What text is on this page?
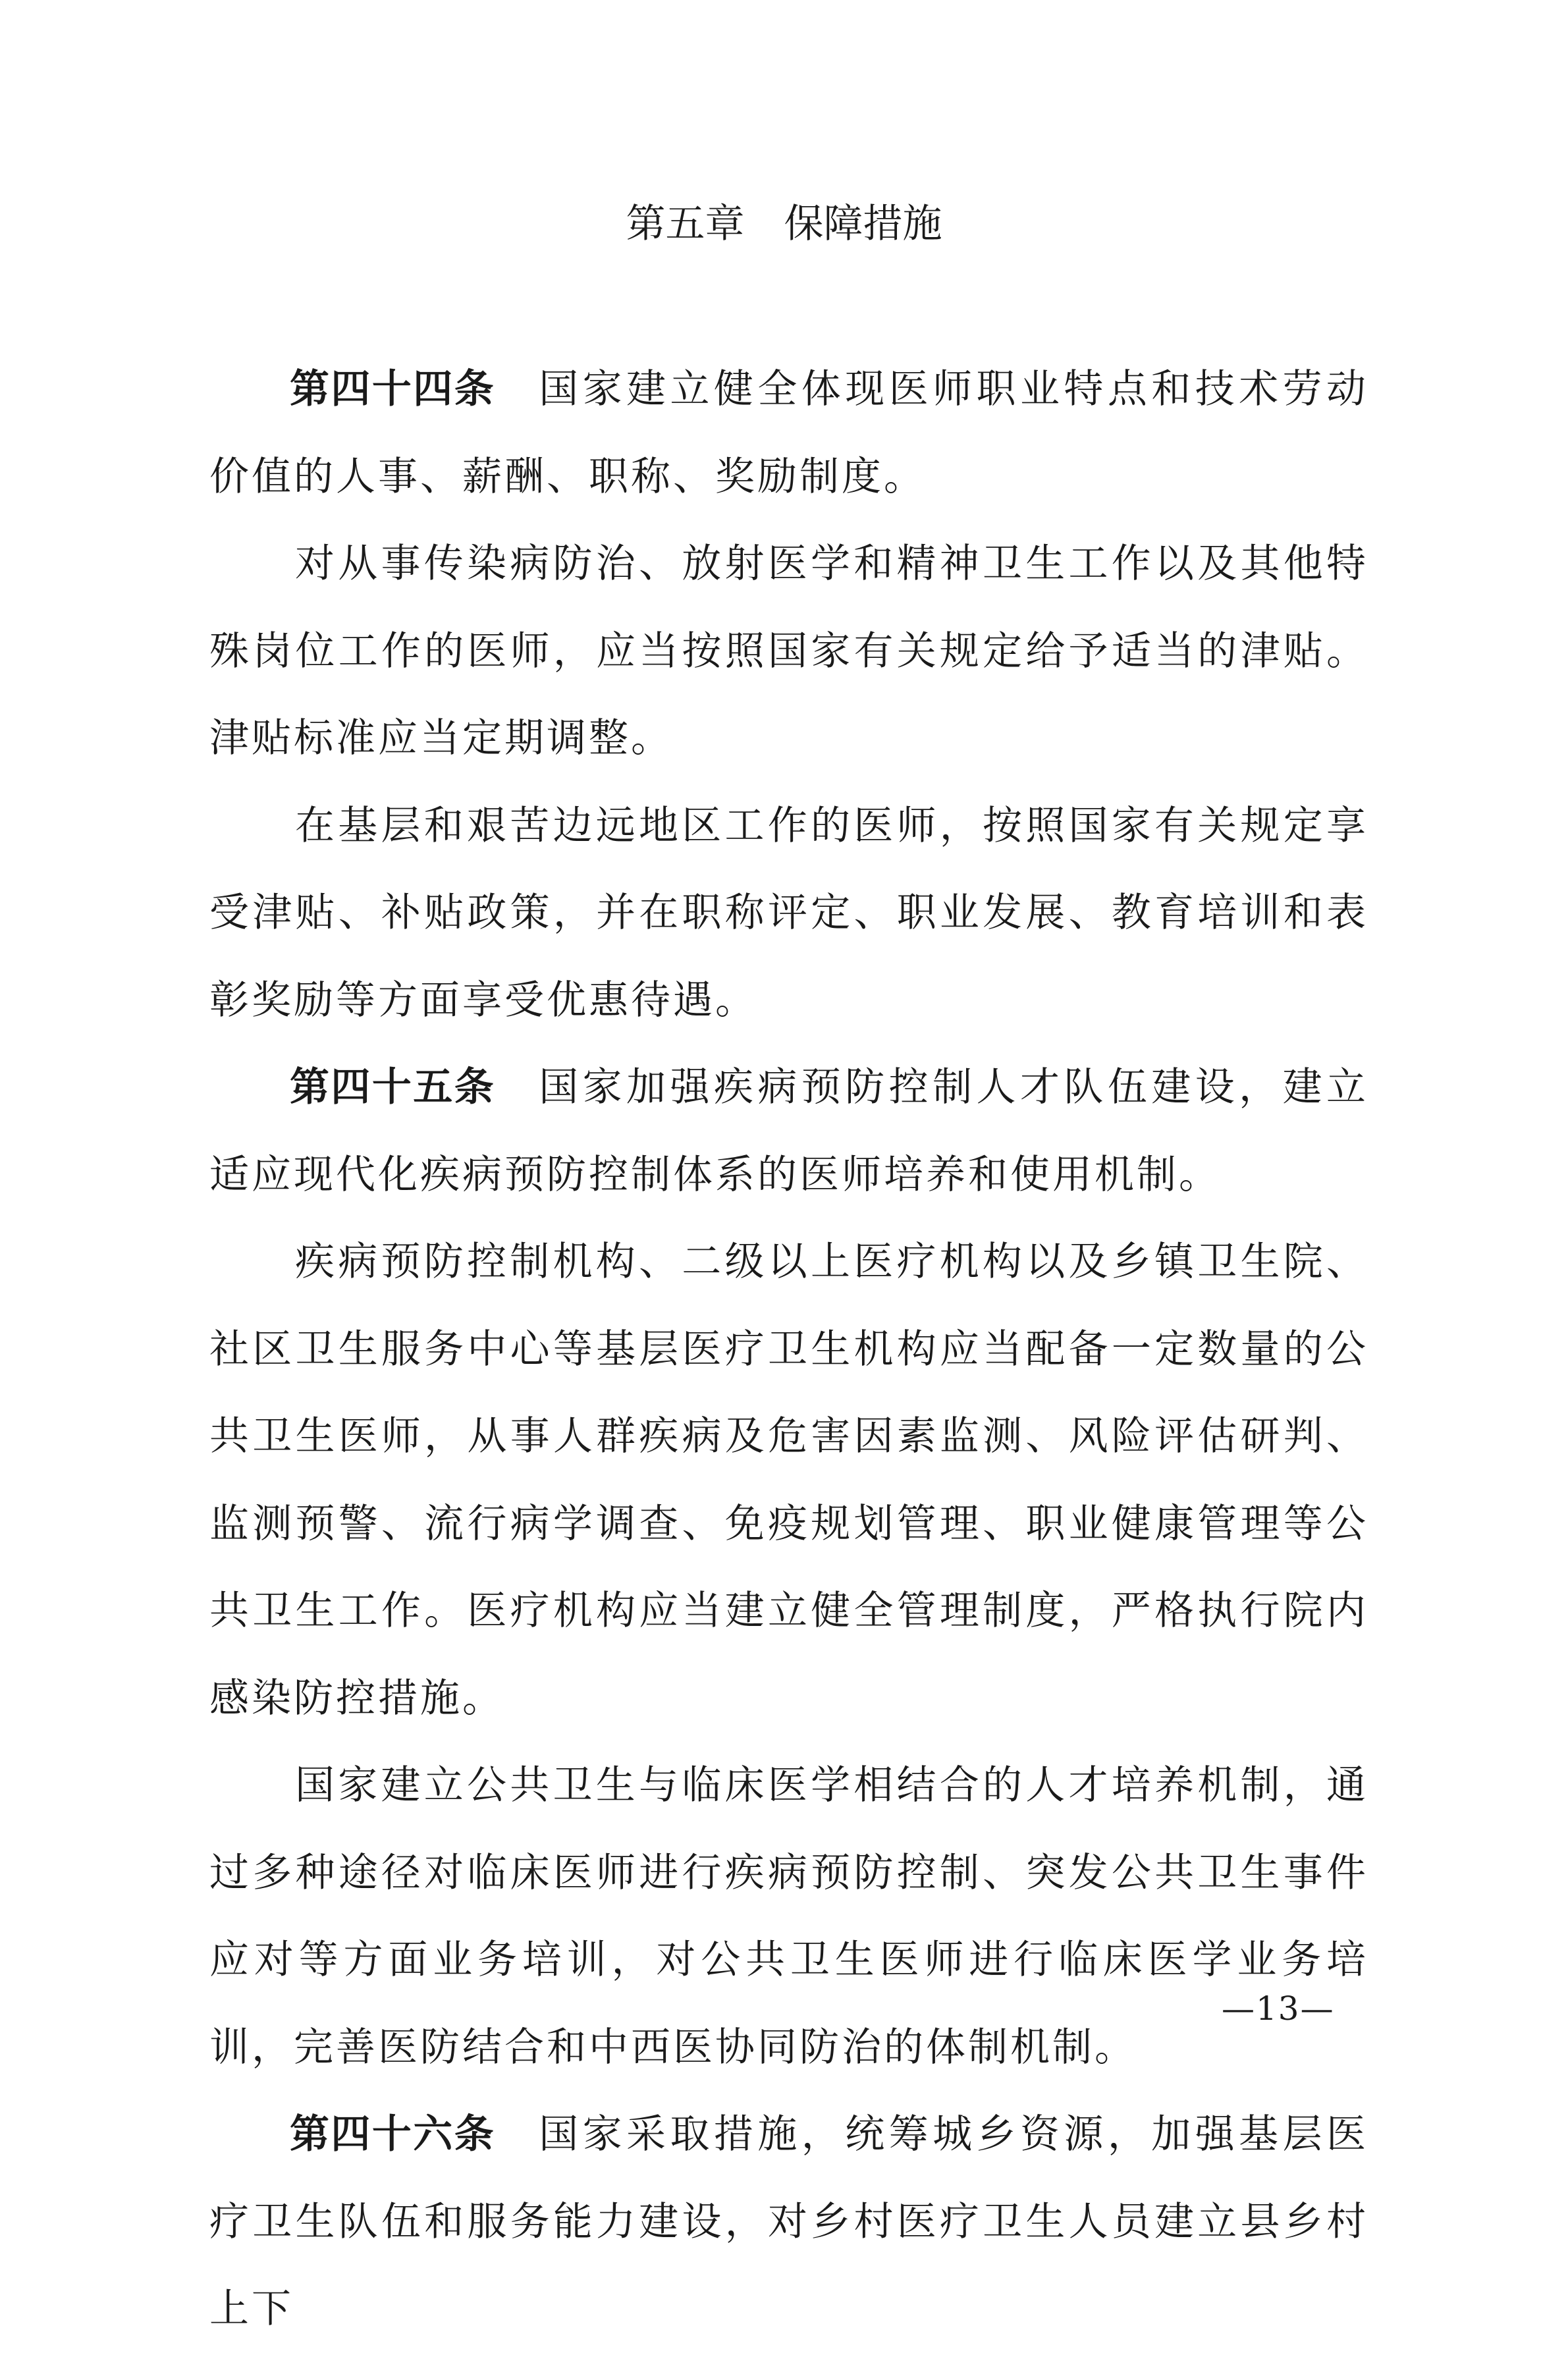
第五章 保障措施

第四十四条 国家建立健全体现医师职业特点和技术劳动价值的人事、薪酬、职称、奖励制度。

对从事传染病防治、放射医学和精神卫生工作以及其他特殊岗位工作的医师，应当按照国家有关规定给予适当的津贴。津贴标准应当定期调整。

在基层和艰苦边远地区工作的医师，按照国家有关规定享受津贴、补贴政策，并在职称评定、职业发展、教育培训和表彰奖励等方面享受优惠待遇。

第四十五条 国家加强疾病预防控制人才队伍建设，建立适应现代化疾病预防控制体系的医师培养和使用机制。

疾病预防控制机构、二级以上医疗机构以及乡镇卫生院、社区卫生服务中心等基层医疗卫生机构应当配备一定数量的公共卫生医师，从事人群疾病及危害因素监测、风险评估研判、监测预警、流行病学调查、免疫规划管理、职业健康管理等公共卫生工作。医疗机构应当建立健全管理制度，严格执行院内感染防控措施。

国家建立公共卫生与临床医学相结合的人才培养机制，通过多种途径对临床医师进行疾病预防控制、突发公共卫生事件应对等方面业务培训，对公共卫生医师进行临床医学业务培训，完善医防结合和中西医协同防治的体制机制。

第四十六条 国家采取措施，统筹城乡资源，加强基层医疗卫生队伍和服务能力建设，对乡村医疗卫生人员建立县乡村上下

—13—
